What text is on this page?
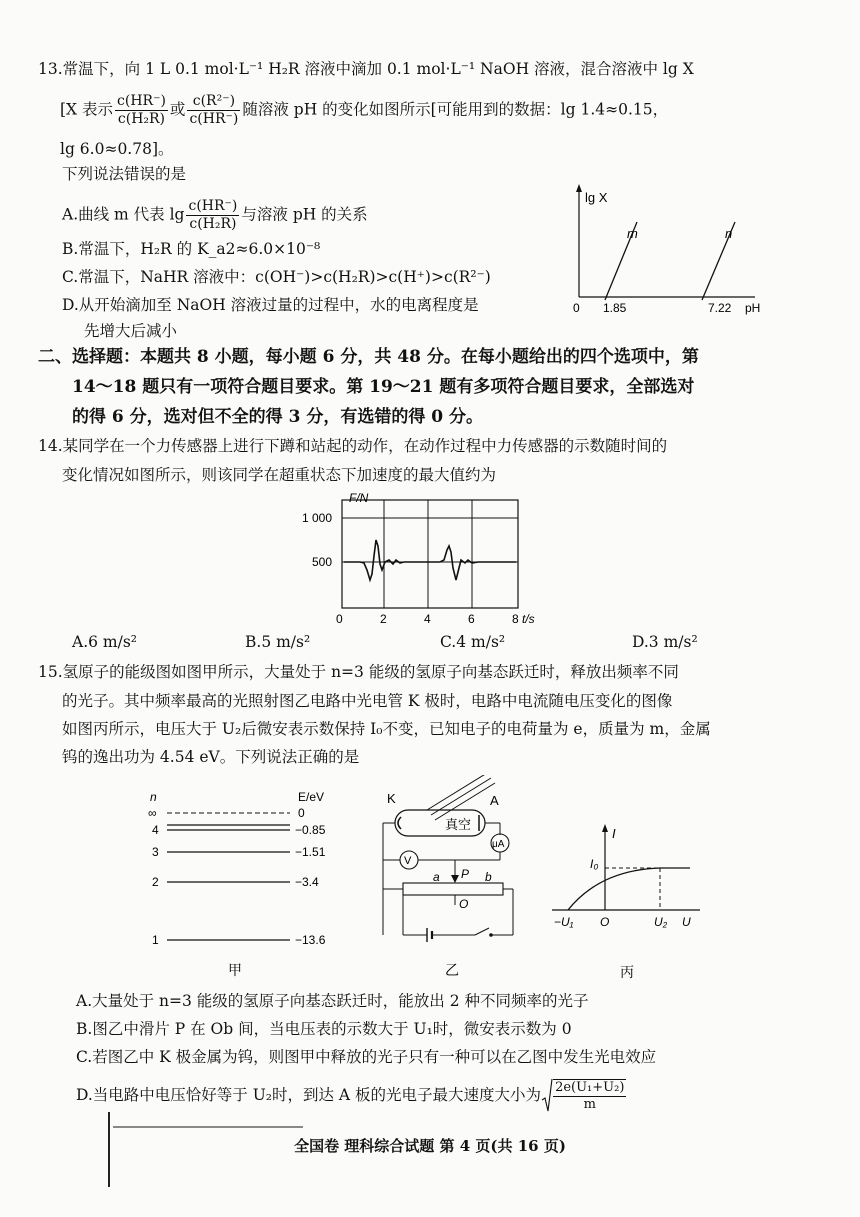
13.常温下，向 1 L 0.1 mol·L⁻¹ H₂R 溶液中滴加 0.1 mol·L⁻¹ NaOH 溶液，混合溶液中 lg X
[X 表示 $\frac{c(HR^-)}{\text{c(H₂R)}}$ 或 $\frac{\text{c(R²⁻)}}{c(HR^-)}$ 随溶液 pH 的变化如图所示[可能用到的数据：lg 1.4≈0.15，
lg 6.0≈0.78]。
下列说法错误的是
A.曲线 m 代表 $\lg \frac{c(HR^-)}{\text{c(H₂R)}}$ 与溶液 pH 的关系
B.常温下，H₂R 的 K_a2≈6.0×10⁻⁸
C.常温下，NaHR 溶液中：c(OH⁻)>c(H₂R)>c(H⁺)>c(R²⁻)
D.从开始滴加至 NaOH 溶液过量的过程中，水的电离程度是
先增大后减小
lg X
m	n
0 1.85	7.22 pH
二、选择题：本题共 8 小题，每小题 6 分，共 48 分。在每小题给出的四个选项中，第
14～18 题只有一项符合题目要求。第 19～21 题有多项符合题目要求，全部选对
的得 6 分，选对但不全的得 3 分，有选错的得 0 分。
14.某同学在一个力传感器上进行下蹲和站起的动作，在动作过程中力传感器的示数随时间的
变化情况如图所示，则该同学在超重状态下加速度的最大值约为
F/N
1 000
500
0	2	4	6	8 t/s
A.6 m/s²	B.5 m/s²	C.4 m/s²	D.3 m/s²
15.氢原子的能级图如图甲所示，大量处于 n=3 能级的氢原子向基态跃迁时，释放出频率不同
的光子。其中频率最高的光照射图乙电路中光电管 K 极时，电路中电流随电压变化的图像
如图丙所示，电压大于 U₂后微安表示数保持 I₀不变，已知电子的电荷量为 e，质量为 m，金属
钨的逸出功为 4.54 eV。下列说法正确的是
n	E/eV
∞	0
4	−0.85
3	−1.51
2	−3.4
1	−13.6
甲
K	A
真空
μA
V
a P b
O
乙
I
I₀
−U₁ O	U₂ U
丙
A.大量处于 n=3 能级的氢原子向基态跃迁时，能放出 2 种不同频率的光子
B.图乙中滑片 P 在 Ob 间，当电压表的示数大于 U₁时，微安表示数为 0
C.若图乙中 K 极金属为钨，则图甲中释放的光子只有一种可以在乙图中发生光电效应
D.当电路中电压恰好等于 U₂时，到达 A 板的光电子最大速度大小为 $\frac{\text{2e(U₁+U₂)}}{m}$
全国卷 理科综合试题 第 4 页(共 16 页)
